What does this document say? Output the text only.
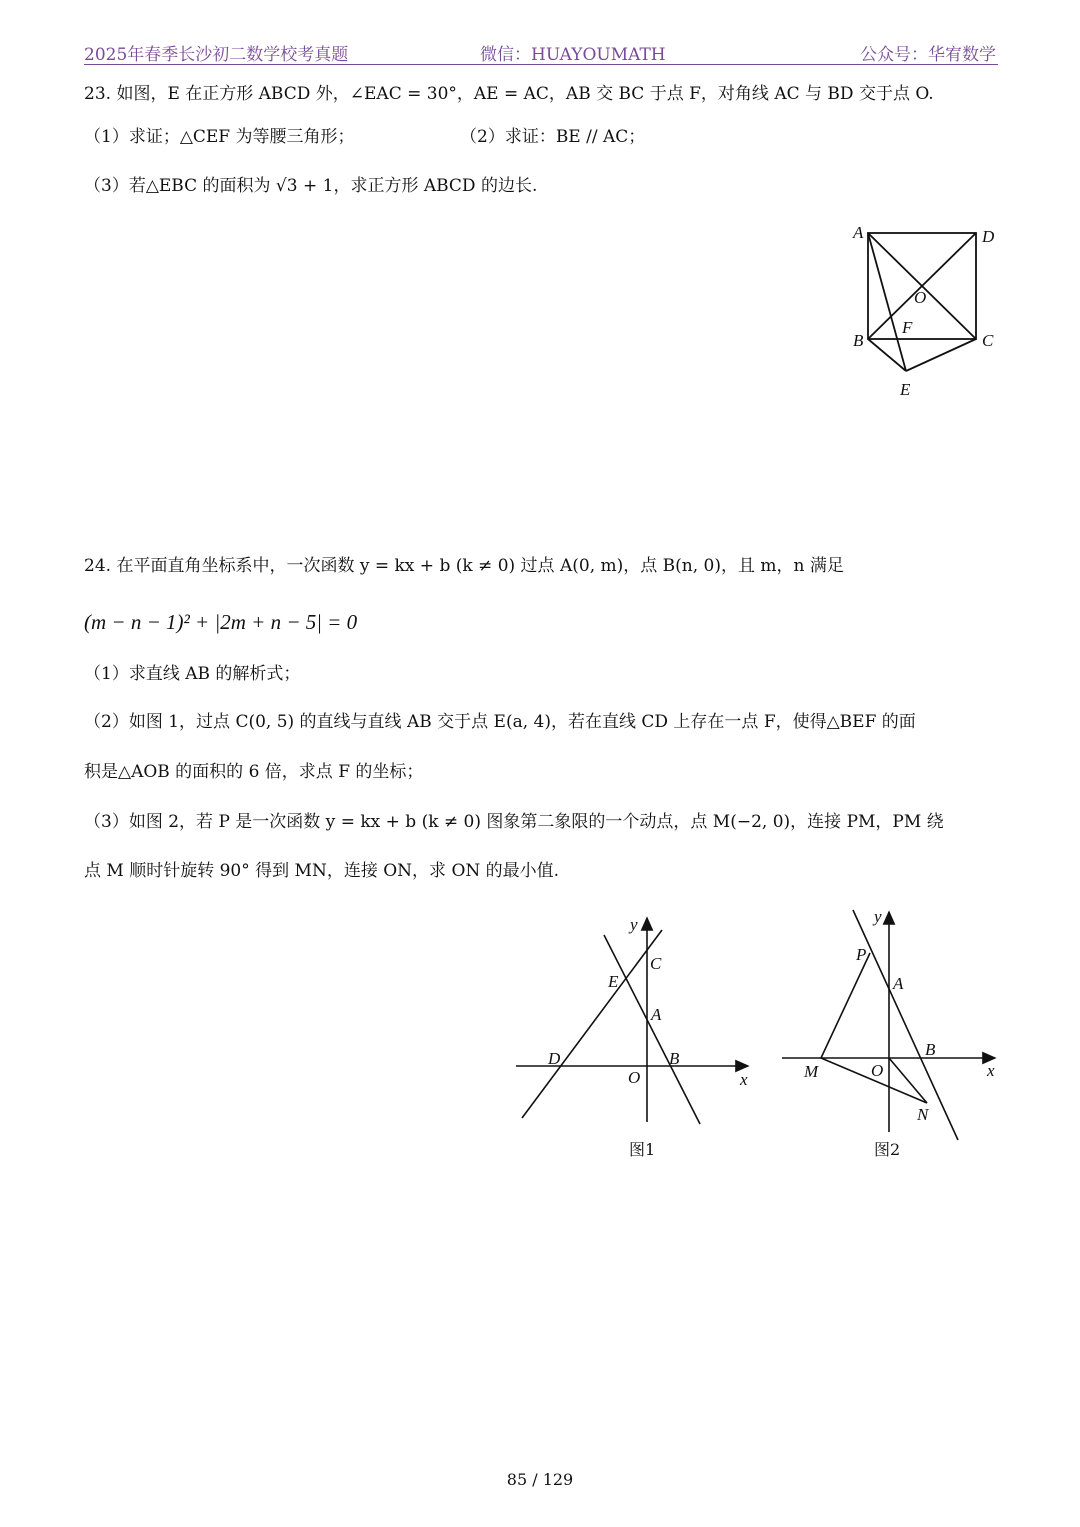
2025年春季长沙初二数学校考真题	微信：HUAYOUMATH	公众号：华宥数学
23. 如图，E 在正方形 ABCD 外，∠EAC = 30°，AE = AC，AB 交 BC 于点 F，对角线 AC 与 BD 交于点 O.
（1）求证；△CEF 为等腰三角形；	（2）求证：BE // AC；
（3）若△EBC 的面积为 √3 + 1，求正方形 ABCD 的边长.
A	D
O
F
B	C
E
24. 在平面直角坐标系中，一次函数 y = kx + b (k ≠ 0) 过点 A(0, m)，点 B(n, 0)，且 m，n 满足
(m − n − 1)² + |2m + n − 5| = 0
（1）求直线 AB 的解析式；
（2）如图 1，过点 C(0, 5) 的直线与直线 AB 交于点 E(a, 4)，若在直线 CD 上存在一点 F，使得△BEF 的面
积是△AOB 的面积的 6 倍，求点 F 的坐标；
（3）如图 2，若 P 是一次函数 y = kx + b (k ≠ 0) 图象第二象限的一个动点，点 M(−2, 0)，连接 PM，PM 绕
点 M 顺时针旋转 90° 得到 MN，连接 ON，求 ON 的最小值.
y
x
C
E
A
D	B
O
图1
y
x
P
A
B
M	O
N
图2
85 / 129
